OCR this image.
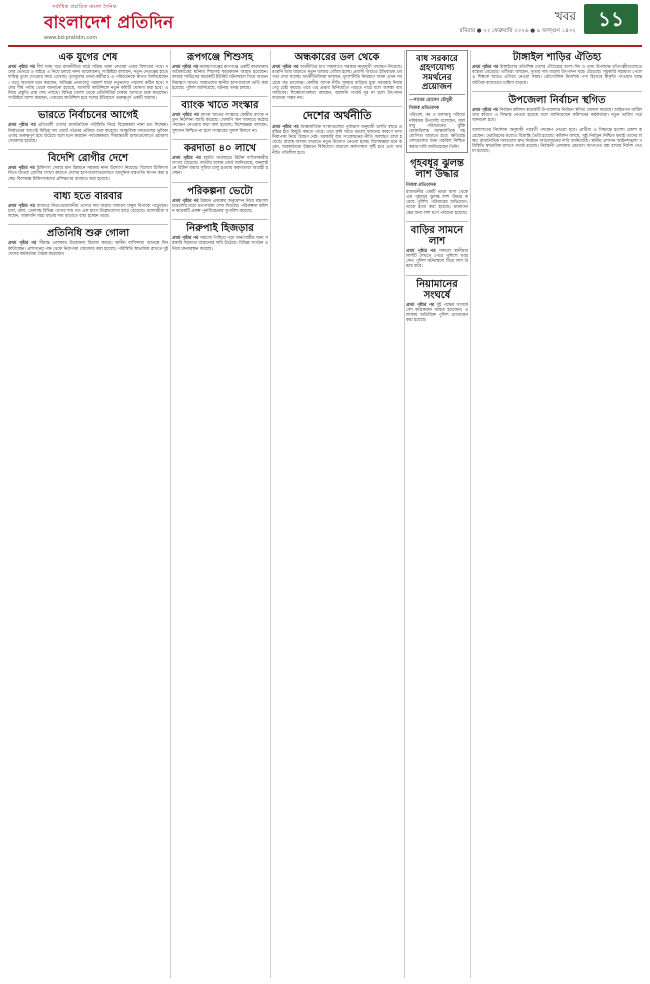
সর্বাধিক প্রচারিত বাংলা দৈনিক
বাংলাদেশ প্রতিদিন
www.bd-pratidin.com
খবর	১১
রবিবার ● ২২ ফেব্রুয়ারি ২০২৬ ● ৯ ফাল্গুন ১৪৩২
এক যুগের শেষ
প্রথম পৃষ্ঠার পর দীর্ঘ সময় ধরে রাজনীতির মাঠে সক্রিয় থাকা নেতারা এবার বিদায়ের পথে। দলের ভেতরে ও বাইরে এ নিয়ে চলছে নানা আলোচনা। সংশ্লিষ্টরা বলছেন, নতুন নেতৃত্বের হাতে দায়িত্ব তুলে দেওয়ার সময় এসেছে। তৃণমূলের নেতা-কর্মীরাও এ পরিবর্তনকে স্বাগত জানিয়েছেন। তবে অনেকে মনে করছেন, অভিজ্ঞ নেতাদের পরামর্শ ছাড়া নতুনদের পথচলা কঠিন হবে। দলের শীর্ষ পর্যায় থেকে জানানো হয়েছে, আগামী কাউন্সিলে নতুন কমিটি ঘোষণা করা হবে। এ নিয়ে প্রস্তুতি প্রায় শেষ পর্যায়ে। বিভিন্ন জেলা থেকে প্রতিনিধিরা ঢাকায় আসতে শুরু করেছেন। সংশ্লিষ্টরা আশা করছেন, এবারের কাউন্সিল হবে দলের ইতিহাসে গুরুত্বপূর্ণ একটি অধ্যায়।
ভারতে নির্বাচনের আগেই
প্রথম পৃষ্ঠার পর প্রতিবেশী দেশের রাজনৈতিক পরিস্থিতি নিয়ে বিশ্লেষকরা নানা মত দিচ্ছেন। নির্বাচনের আগেই বিভিন্ন দল জোট গঠনের প্রক্রিয়া শুরু করেছে। আঞ্চলিক দলগুলোর ভূমিকা এবার গুরুত্বপূর্ণ হয়ে উঠেছে বলে মনে করছেন পর্যবেক্ষকরা। সীমান্তবর্তী রাজ্যগুলোতে প্রচারণা জোরদার হয়েছে।
বিদেশি রোগীর দেশে
প্রথম পৃষ্ঠার পর চিকিৎসা সেবার মান উন্নয়নে সরকার নানা উদ্যোগ নিয়েছে। বিদেশে চিকিৎসা নিতে যাওয়া রোগীর সংখ্যা কমাতে দেশের হাসপাতালগুলোতে আধুনিক যন্ত্রপাতি স্থাপন করা হচ্ছে। বিশেষজ্ঞ চিকিৎসকদের প্রশিক্ষণের ব্যবস্থাও করা হয়েছে।
বাধ্য হতে বারবার
প্রথম পৃষ্ঠার পর বাজারে নিত্যপ্রয়োজনীয় পণ্যের দাম বাড়ায় সাধারণ মানুষ বিপাকে পড়েছেন। চাল, ডাল, তেলসহ বিভিন্ন পণ্যের দাম গত এক মাসে উল্লেখযোগ্য হারে বেড়েছে। ব্যবসায়ীরা বলছেন, আমদানি খরচ বাড়ায় দাম বাড়াতে বাধ্য হচ্ছেন তারা।
প্রতিনিধি শুরু গোলা
প্রথম পৃষ্ঠার পর সীমান্ত এলাকায় উত্তেজনা বিরাজ করছে। স্থানীয় বাসিন্দারা আতঙ্কে দিন কাটাচ্ছেন। প্রশাসনের পক্ষ থেকে নিরাপত্তা জোরদার করা হয়েছে। পরিস্থিতি স্বাভাবিক রাখতে দুই দেশের কর্মকর্তারা বৈঠক করেছেন।
রূপগঞ্জে শিশুসহ
প্রথম পৃষ্ঠার পর নারায়ণগঞ্জের রূপগঞ্জে একটি কারখানায় অগ্নিকাণ্ডের ঘটনায় শিশুসহ কয়েকজন আহত হয়েছেন। ফায়ার সার্ভিসের কয়েকটি ইউনিট ঘটনাস্থলে গিয়ে আগুন নিয়ন্ত্রণে আনে। আহতদের স্থানীয় হাসপাতালে ভর্তি করা হয়েছে। পুলিশ জানিয়েছে, ঘটনার তদন্ত চলছে।
ব্যাংক খাতে সংস্কার
প্রথম পৃষ্ঠার পর ব্যাংক খাতের সংস্কারে কেন্দ্রীয় ব্যাংক নতুন নির্দেশনা জারি করেছে। খেলাপি ঋণ আদায়ে কঠোর পদক্ষেপ নেওয়ার কথা বলা হয়েছে। বিশেষজ্ঞরা বলছেন, সুশাসন নিশ্চিত না হলে সংস্কারের সুফল মিলবে না।
করদাতা ৪০ লাখে
প্রথম পৃষ্ঠার পর চলতি অর্থবছরে রিটার্ন দাখিলকারীর সংখ্যা বেড়েছে। জাতীয় রাজস্ব বোর্ড জানিয়েছে, অনলাইনে রিটার্ন জমার সুবিধা চালু হওয়ায় করদাতারা আগ্রহী হচ্ছেন।
পরিকল্পনা ভেটো
প্রথম পৃষ্ঠার পর উন্নয়ন প্রকল্পের অনুমোদন নিয়ে মন্ত্রণালয়গুলোর মধ্যে মতপার্থক্য দেখা দিয়েছে। পরিকল্পনা কমিশন কয়েকটি প্রকল্প পুনর্বিবেচনার সুপারিশ করেছে।
নিরুপাই হিজড়ার
প্রথম পৃষ্ঠার পর সমাজে পিছিয়ে পড়া জনগোষ্ঠীর জন্য সরকারি সহায়তা বাড়ানোর দাবি উঠেছে। বিভিন্ন সংগঠন এ নিয়ে মানববন্ধন করেছে।
অন্ধকারের ডল থেকে
প্রথম পৃষ্ঠার পর অর্থনীতির চাপ সামলাতে সরকার নানামুখী পদক্ষেপ নিয়েছে। রপ্তানি আয় বাড়াতে নতুন বাজার খোঁজা হচ্ছে। প্রবাসী আয়েও ইতিবাচক প্রবণতা দেখা যাচ্ছে। অর্থনীতিবিদরা বলছেন, মূল্যস্ফীতি নিয়ন্ত্রণে আনা এখন সবচেয়ে বড় চ্যালেঞ্জ। কেন্দ্রীয় ব্যাংক নীতি সুদহার বাড়িয়ে মুদ্রা সরবরাহ নিয়ন্ত্রণের চেষ্টা করছে। তবে এর প্রভাব বিনিয়োগে পড়তে পারে বলে আশঙ্কা ব্যবসায়ীদের। শিল্পোদ্যোক্তারা বলছেন, জ্বালানি সংকট দূর না হলে উৎপাদন বাড়ানো সম্ভব নয়।
দেশের অর্থনীতি
প্রথম পৃষ্ঠার পর আন্তর্জাতিক সংস্থাগুলোর পূর্বাভাস অনুযায়ী চলতি বছরে প্রবৃদ্ধির হার কিছুটা কমতে পারে। তবে কৃষি খাতে ভালো ফলনের কারণে খাদ্য নিরাপত্তা নিয়ে উদ্বেগ নেই। সরকারি ব্যয় সংকোচনের নীতি অব্যাহত রাখা হয়েছে। রাজস্ব আদায় বাড়াতে নতুন উদ্যোগ নেওয়া হচ্ছে। বিশেষজ্ঞরা মনে করেন, অবকাঠামো উন্নয়নে বিনিয়োগ বাড়ালে কর্মসংস্থান সৃষ্টি হবে এবং অর্থনীতি গতিশীল হবে।
বাধ সরকারে গ্রহণযোগ্য সমর্থনের প্রয়োজন
—সাবের হোসেন চৌধুরী
নিজস্ব প্রতিবেদক
পরিবেশ, বন ও জলবায়ু পরিবর্তনবিষয়ক উপদেষ্টা বলেছেন, জলবায়ু পরিবর্তনের ঝুঁকি মোকাবিলায় আন্তর্জাতিক সহযোগিতা বাড়াতে হবে। ক্ষতিগ্রস্ত দেশগুলোর জন্য তহবিল নিশ্চিত করার দাবি জানিয়েছেন তিনি।
গৃহবধূর ঝুলন্ত লাশ উদ্ধার
নিজস্ব প্রতিবেদক
রাজধানীর একটি ভাড়া বাসা থেকে এক গৃহবধূর ঝুলন্ত লাশ উদ্ধার করেছে পুলিশ। পরিবারের অভিযোগ, তাকে হত্যা করা হয়েছে। ময়নাতদন্তের জন্য লাশ মর্গে পাঠানো হয়েছে।
বাড়ির সামনে লাশ
প্রথম পৃষ্ঠার পর সকালে স্থানীয়রা লাশটি দেখতে পেয়ে পুলিশে খবর দেন। পুলিশ ঘটনাস্থলে গিয়ে লাশ উদ্ধার করে।
নিয়ামানের সংঘর্ষে
প্রথম পৃষ্ঠার পর দুই পক্ষের সংঘর্ষে বেশ কয়েকজন আহত হয়েছেন। এলাকায় অতিরিক্ত পুলিশ মোতায়েন করা হয়েছে।
টাঙ্গাইল শাড়ির ঐতিহ্য
প্রথম পৃষ্ঠার পর টাঙ্গাইলের তাঁতশিল্প দেশের ঐতিহ্যের অংশ। ঈদ ও পূজা উপলক্ষে তাঁতপল্লীগুলোতে ব্যস্ততা বেড়েছে। তাঁতিরা বলছেন, সুতার দাম বাড়ায় উৎপাদন খরচ বেড়েছে। সরকারি সহায়তা পেলে এ শিল্পকে আরও এগিয়ে নেওয়া সম্ভব। ভৌগোলিক নির্দেশক পণ্য হিসেবে স্বীকৃতি পাওয়ায় আন্তর্জাতিক বাজারেও চাহিদা বাড়ছে।
উপজেলা নির্বাচন স্থগিত
প্রথম পৃষ্ঠার পর নির্বাচন কমিশন কয়েকটি উপজেলার নির্বাচন স্থগিত ঘোষণা করেছে। আইনগত জটিলতার কারণে এ সিদ্ধান্ত নেওয়া হয়েছে বলে জানিয়েছেন কমিশনের কর্মকর্তারা। নতুন তারিখ পরে জানানো হবে।
আদালতের নির্দেশনা অনুযায়ী পরবর্তী পদক্ষেপ নেওয়া হবে। প্রার্থীরা এ সিদ্ধান্তে হতাশা প্রকাশ করেছেন। ভোটারদের মধ্যেও বিভ্রান্তি তৈরি হয়েছে। কমিশন বলছে, সুষ্ঠু নির্বাচন নিশ্চিত করাই তাদের লক্ষ্য। রাজনৈতিক দলগুলো দ্রুত নির্বাচন আয়োজনের দাবি জানিয়েছে। স্থানীয় প্রশাসন আইনশৃঙ্খলা পরিস্থিতি স্বাভাবিক রাখতে সতর্ক রয়েছে। নির্বাচনী এলাকায় প্রচারণা আপাতত বন্ধ রাখার নির্দেশ দেওয়া হয়েছে।
